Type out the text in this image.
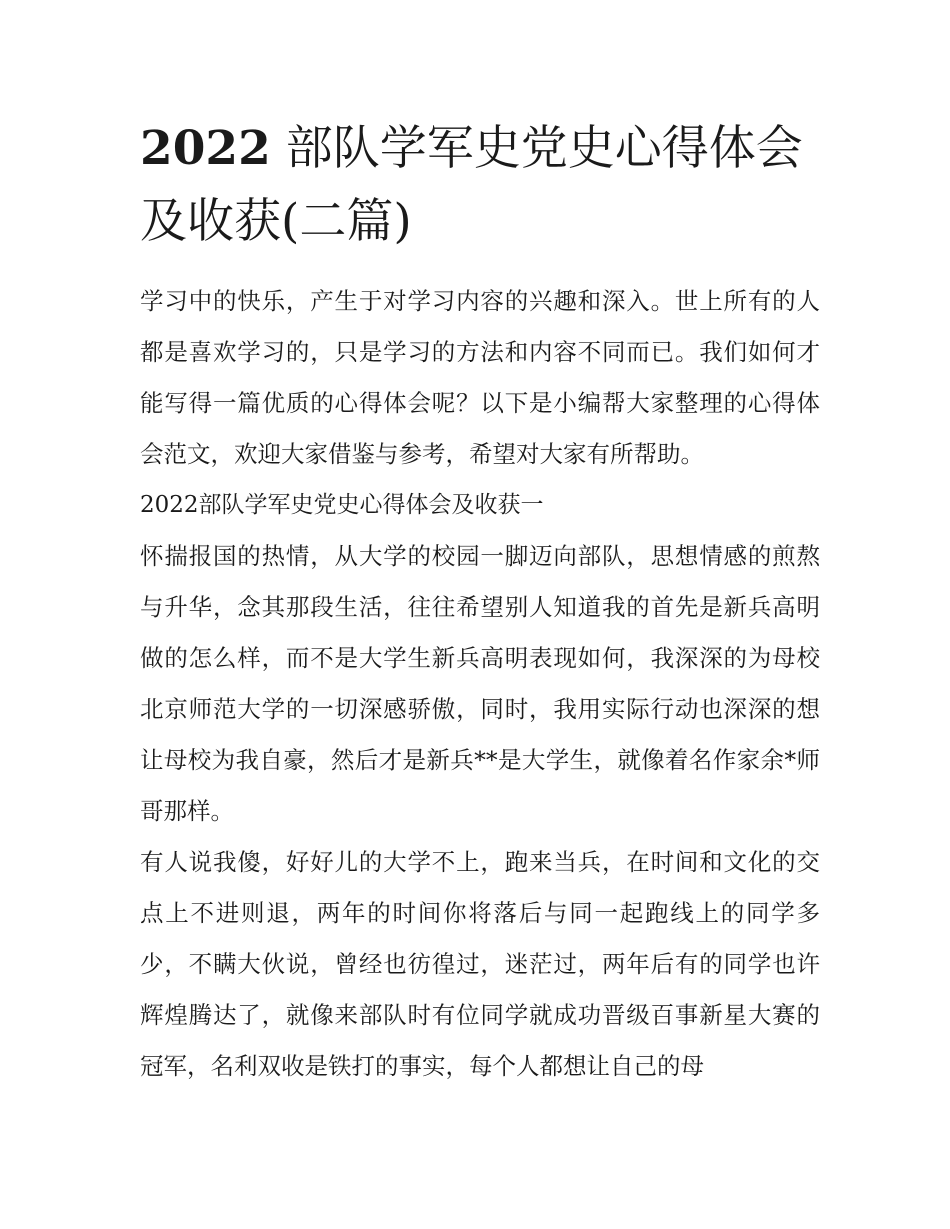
2022 部队学军史党史心得体会及收获(二篇)

学习中的快乐，产生于对学习内容的兴趣和深入。世上所有的人都是喜欢学习的，只是学习的方法和内容不同而已。我们如何才能写得一篇优质的心得体会呢？以下是小编帮大家整理的心得体会范文，欢迎大家借鉴与参考，希望对大家有所帮助。

2022部队学军史党史心得体会及收获一

怀揣报国的热情，从大学的校园一脚迈向部队，思想情感的煎熬与升华，念其那段生活，往往希望别人知道我的首先是新兵高明做的怎么样，而不是大学生新兵高明表现如何，我深深的为母校北京师范大学的一切深感骄傲，同时，我用实际行动也深深的想让母校为我自豪，然后才是新兵**是大学生，就像着名作家余*师哥那样。

有人说我傻，好好儿的大学不上，跑来当兵，在时间和文化的交点上不进则退，两年的时间你将落后与同一起跑线上的同学多少，不瞒大伙说，曾经也彷徨过，迷茫过，两年后有的同学也许辉煌腾达了，就像来部队时有位同学就成功晋级百事新星大赛的冠军，名利双收是铁打的事实，每个人都想让自己的母
